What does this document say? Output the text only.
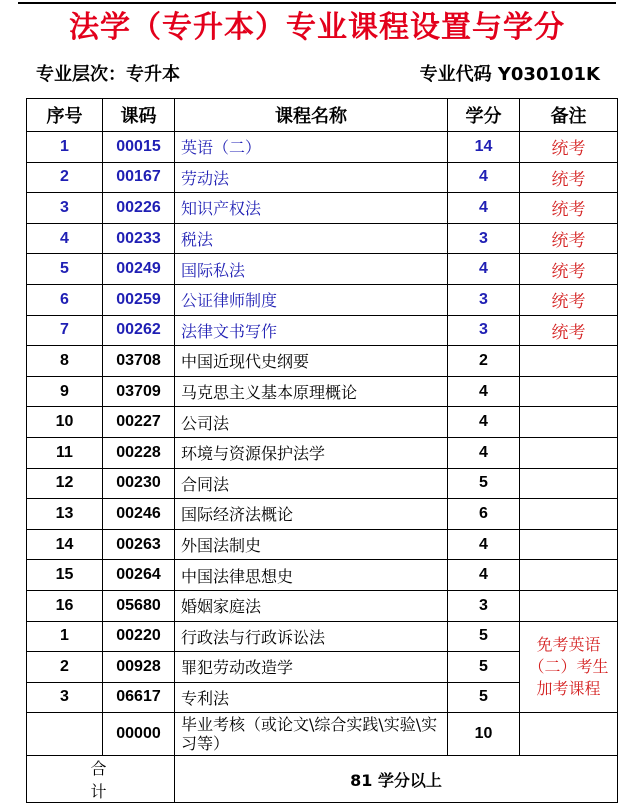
法学（专升本）专业课程设置与学分
专业层次：专升本	专业代码 Y030101K
序号	课码	课程名称	学分	备注
1	00015	英语（二）	14	统考
2	00167	劳动法	4	统考
3	00226	知识产权法	4	统考
4	00233	税法	3	统考
5	00249	国际私法	4	统考
6	00259	公证律师制度	3	统考
7	00262	法律文书写作	3	统考
8	03708	中国近现代史纲要	2	
9	03709	马克思主义基本原理概论	4	
10	00227	公司法	4	
11	00228	环境与资源保护法学	4	
12	00230	合同法	5	
13	00246	国际经济法概论	6	
14	00263	外国法制史	4	
15	00264	中国法律思想史	4	
16	05680	婚姻家庭法	3	
1	00220	行政法与行政诉讼法	5	免考英语（二）考生加考课程
2	00928	罪犯劳动改造学	5	
3	06617	专利法	5	
	00000	毕业考核（或论文\综合实践\实验\实习等）	10	
合计		81 学分以上		
